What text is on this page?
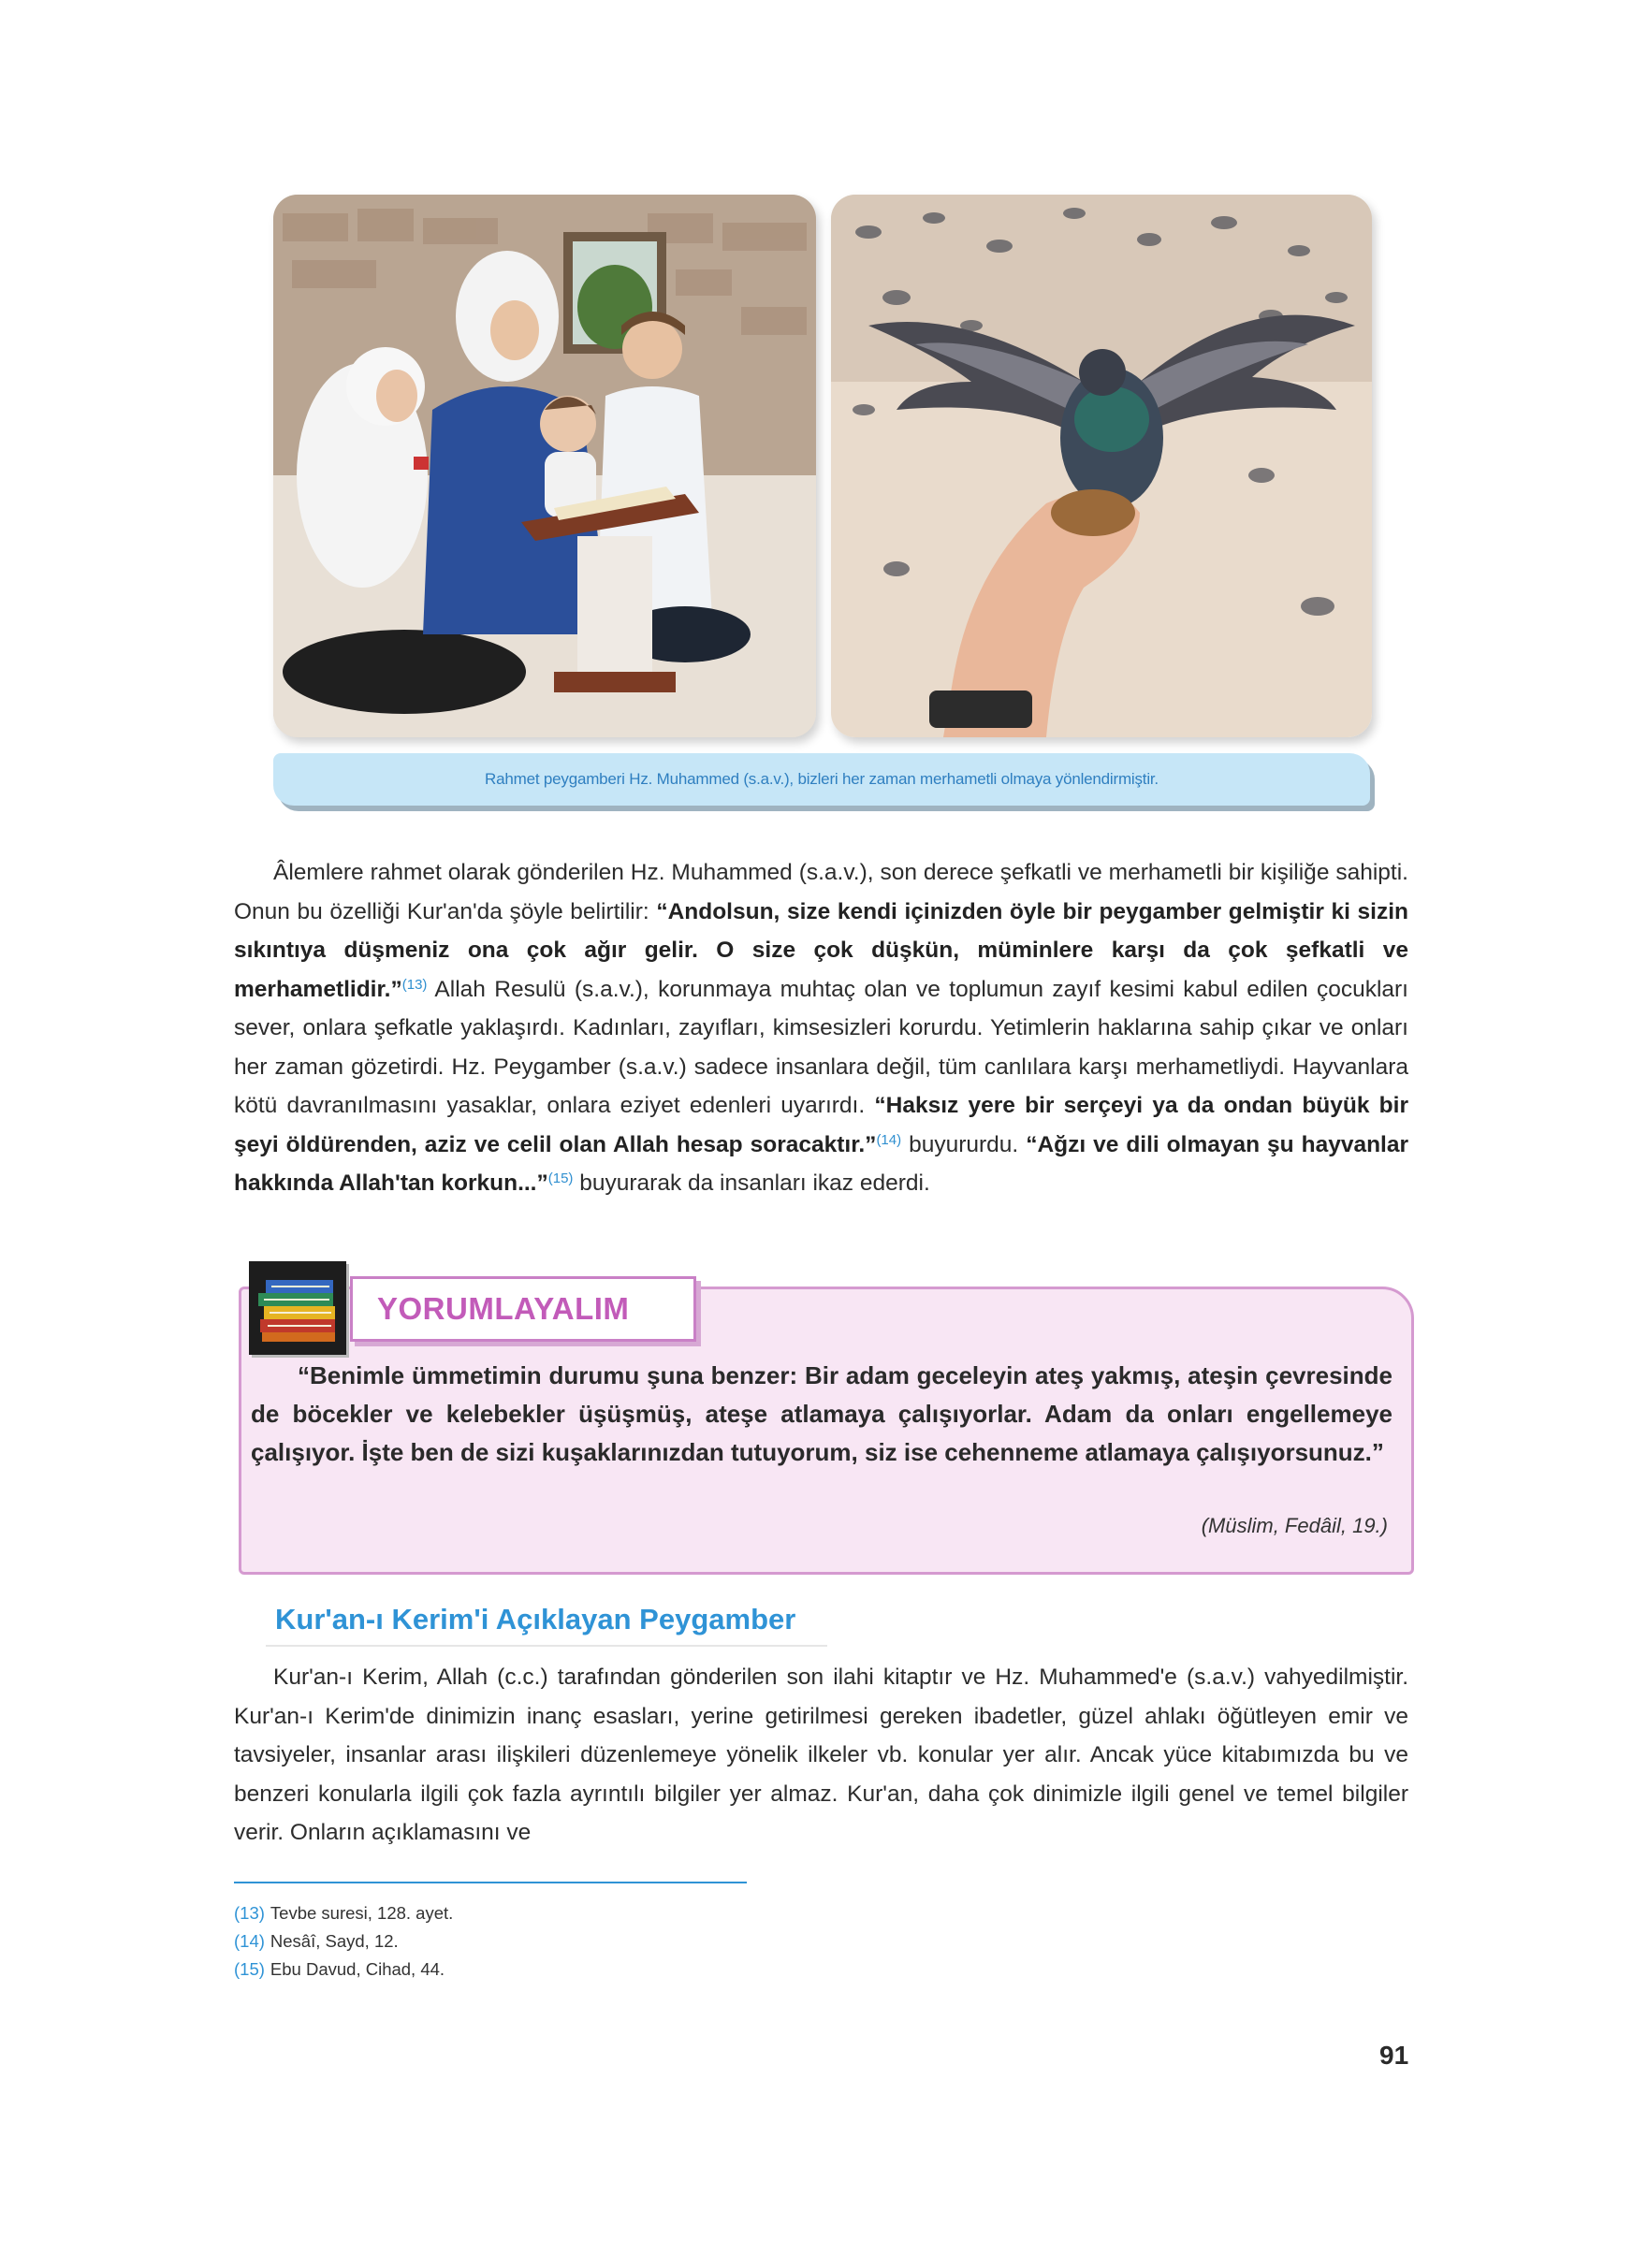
Rahmet peygamberi Hz. Muhammed (s.a.v.), bizleri her zaman merhametli olmaya yönlendirmiştir.
Âlemlere rahmet olarak gönderilen Hz. Muhammed (s.a.v.), son derece şefkatli ve merhametli bir kişiliğe sahipti. Onun bu özelliği Kur'an'da şöyle belirtilir: “Andolsun, size kendi içinizden öyle bir peygamber gelmiştir ki sizin sıkıntıya düşmeniz ona çok ağır gelir. O size çok düşkün, müminlere karşı da çok şefkatli ve merhametlidir.”$^{(13)}$ Allah Resulü (s.a.v.), korunmaya muhtaç olan ve toplumun zayıf kesimi kabul edilen çocukları sever, onlara şefkatle yaklaşırdı. Kadınları, zayıfları, kimsesizleri korurdu. Yetimlerin haklarına sahip çıkar ve onları her zaman gözetirdi. Hz. Peygamber (s.a.v.) sadece insanlara değil, tüm canlılara karşı merhametliydi. Hayvanlara kötü davranılmasını yasaklar, onlara eziyet edenleri uyarırdı. “Haksız yere bir serçeyi ya da ondan büyük bir şeyi öldürenden, aziz ve celil olan Allah hesap soracaktır.”$^{(14)}$ buyururdu. “Ağzı ve dili olmayan şu hayvanlar hakkında Allah'tan korkun...”$^{(15)}$ buyurarak da insanları ikaz ederdi.
YORUMLAYALIM
“Benimle ümmetimin durumu şuna benzer: Bir adam geceleyin ateş yakmış, ateşin çevresinde de böcekler ve kelebekler üşüşmüş, ateşe atlamaya çalışıyorlar. Adam da onları engellemeye çalışıyor. İşte ben de sizi kuşaklarınızdan tutuyorum, siz ise cehenneme atlamaya çalışıyorsunuz.”
(Müslim, Fedâil, 19.)
Kur'an-ı Kerim'i Açıklayan Peygamber
Kur'an-ı Kerim, Allah (c.c.) tarafından gönderilen son ilahi kitaptır ve Hz. Muhammed'e (s.a.v.) vahyedilmiştir. Kur'an-ı Kerim'de dinimizin inanç esasları, yerine getirilmesi gereken ibadetler, güzel ahlakı öğütleyen emir ve tavsiyeler, insanlar arası ilişkileri düzenlemeye yönelik ilkeler vb. konular yer alır. Ancak yüce kitabımızda bu ve benzeri konularla ilgili çok fazla ayrıntılı bilgiler yer almaz. Kur'an, daha çok dinimizle ilgili genel ve temel bilgiler verir. Onların açıklamasını ve
(13) Tevbe suresi, 128. ayet.
(14) Nesâî, Sayd, 12.
(15) Ebu Davud, Cihad, 44.
91
